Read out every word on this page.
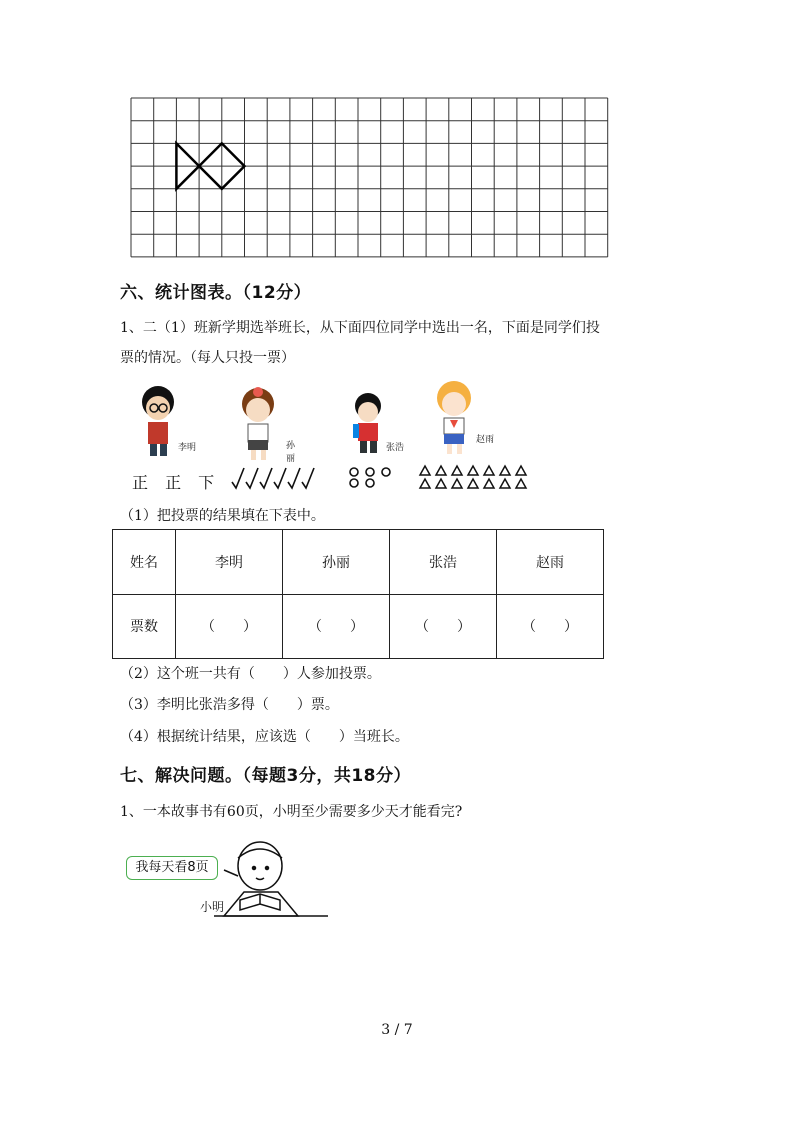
六、统计图表。（12分）
1、二（1）班新学期选举班长，从下面四位同学中选出一名，下面是同学们投
票的情况。（每人只投一票）
李明	孙丽
张浩
赵雨
正 正 下
（1）把投票的结果填在下表中。
姓名	李明	孙丽	张浩	赵雨
票数	（　　）	（　　）	（　　）	（　　）
（2）这个班一共有（　　）人参加投票。
（3）李明比张浩多得（　　）票。
（4）根据统计结果，应该选（　　）当班长。
七、解决问题。（每题3分，共18分）
1、一本故事书有60页，小明至少需要多少天才能看完?
我每天看8页
小明
3 / 7
